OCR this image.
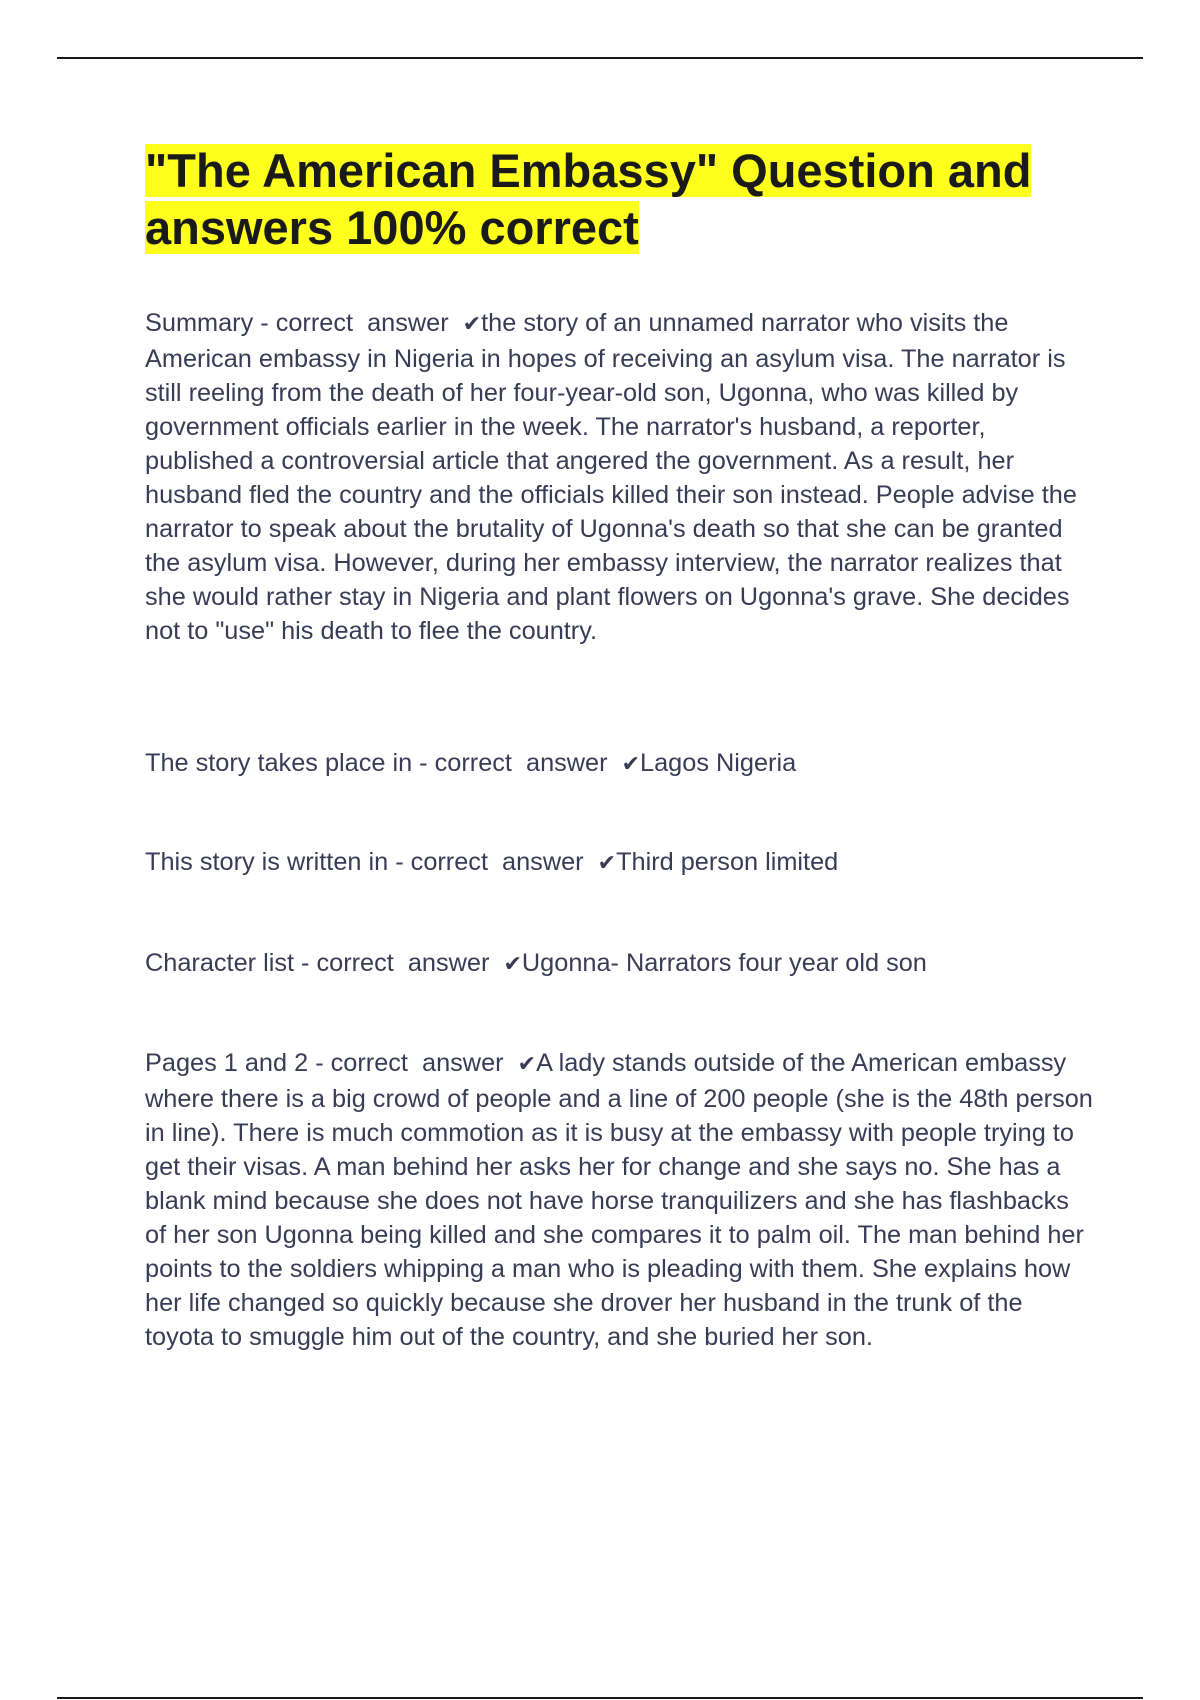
"The American Embassy" Question and answers 100% correct

Summary - correct  answer  ✔the story of an unnamed narrator who visits the American embassy in Nigeria in hopes of receiving an asylum visa. The narrator is still reeling from the death of her four-year-old son, Ugonna, who was killed by government officials earlier in the week. The narrator's husband, a reporter, published a controversial article that angered the government. As a result, her husband fled the country and the officials killed their son instead. People advise the narrator to speak about the brutality of Ugonna's death so that she can be granted the asylum visa. However, during her embassy interview, the narrator realizes that she would rather stay in Nigeria and plant flowers on Ugonna's grave. She decides not to "use" his death to flee the country.

The story takes place in - correct  answer  ✔Lagos Nigeria

This story is written in - correct  answer  ✔Third person limited

Character list - correct  answer  ✔Ugonna- Narrators four year old son

Pages 1 and 2 - correct  answer  ✔A lady stands outside of the American embassy where there is a big crowd of people and a line of 200 people (she is the 48th person in line). There is much commotion as it is busy at the embassy with people trying to get their visas. A man behind her asks her for change and she says no. She has a blank mind because she does not have horse tranquilizers and she has flashbacks of her son Ugonna being killed and she compares it to palm oil. The man behind her points to the soldiers whipping a man who is pleading with them. She explains how her life changed so quickly because she drover her husband in the trunk of the toyota to smuggle him out of the country, and she buried her son.
